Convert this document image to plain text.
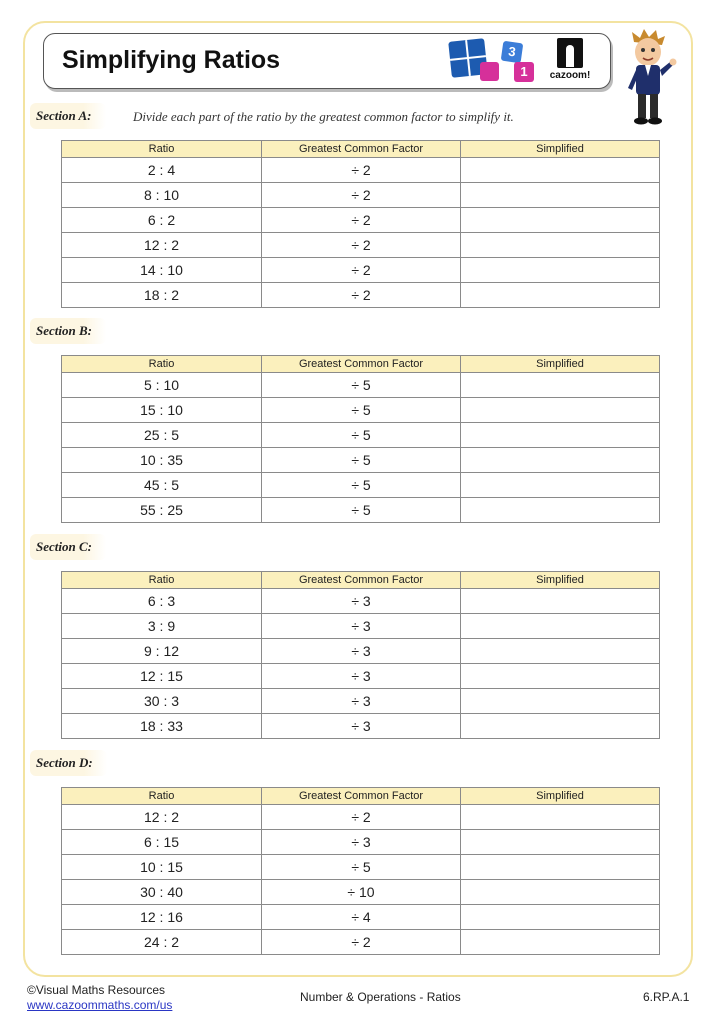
Simplifying Ratios	3
1	cazoom!
Section A:	Divide each part of the ratio by the greatest common factor to simplify it.
Ratio	Greatest Common Factor	Simplified
2 : 4	÷ 2	
8 : 10	÷ 2	
6 : 2	÷ 2	
12 : 2	÷ 2	
14 : 10	÷ 2	
18 : 2	÷ 2	
Section B:
Ratio	Greatest Common Factor	Simplified
5 : 10	÷ 5	
15 : 10	÷ 5	
25 : 5	÷ 5	
10 : 35	÷ 5	
45 : 5	÷ 5	
55 : 25	÷ 5	
Section C:
Ratio	Greatest Common Factor	Simplified
6 : 3	÷ 3	
3 : 9	÷ 3	
9 : 12	÷ 3	
12 : 15	÷ 3	
30 : 3	÷ 3	
18 : 33	÷ 3	
Section D:
Ratio	Greatest Common Factor	Simplified
12 : 2	÷ 2	
6 : 15	÷ 3	
10 : 15	÷ 5	
30 : 40	÷ 10	
12 : 16	÷ 4	
24 : 2	÷ 2	
©Visual Maths Resources
www.cazoommaths.com/us
Number & Operations - Ratios	6.RP.A.1
